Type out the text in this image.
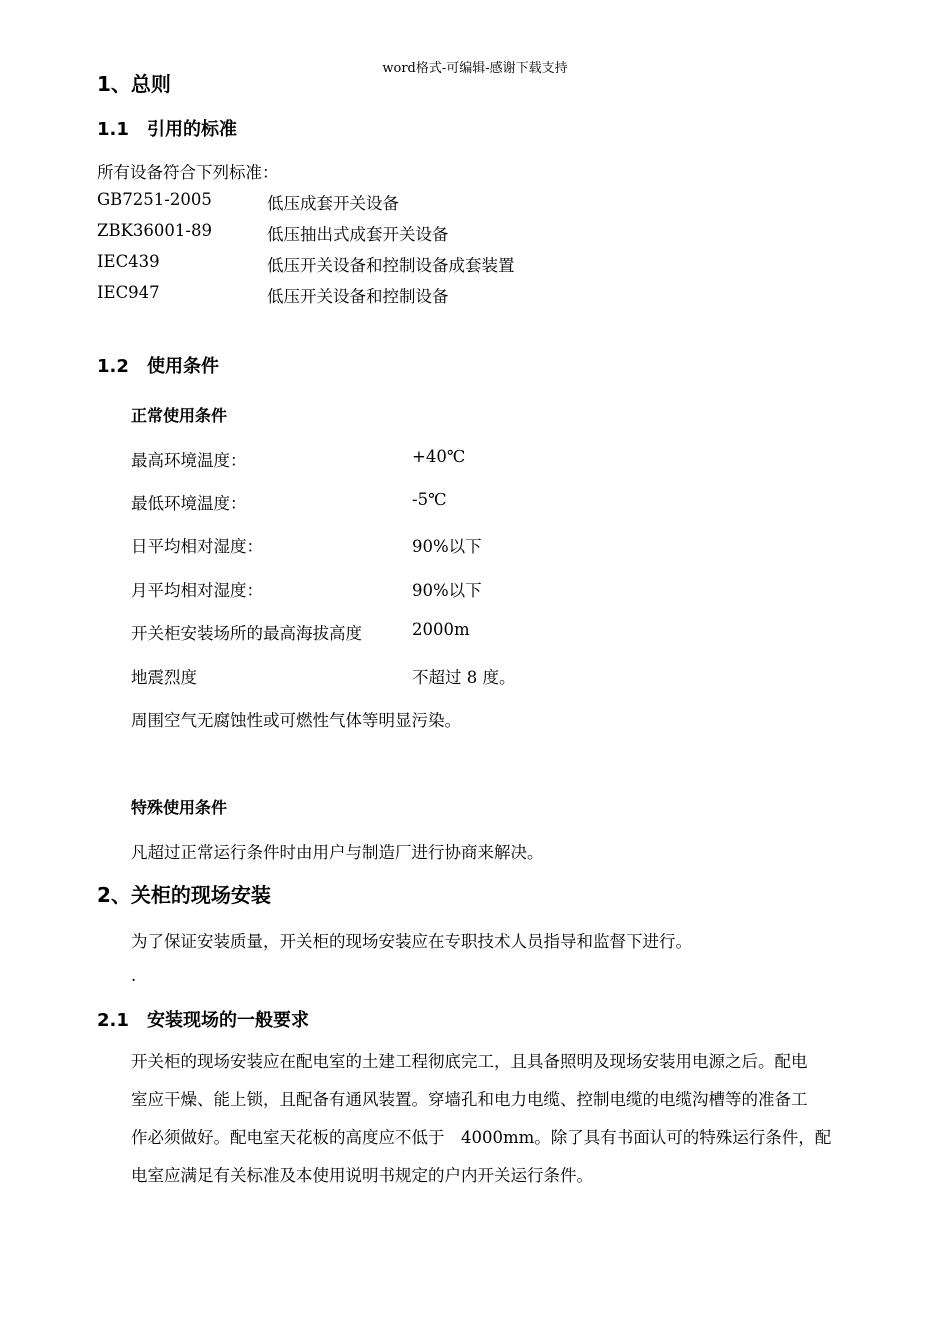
word格式-可编辑-感谢下载支持
1、总则
1.1 引用的标准
所有设备符合下列标准：
GB7251-2005	低压成套开关设备
ZBK36001-89	低压抽出式成套开关设备
IEC439	低压开关设备和控制设备成套装置
IEC947	低压开关设备和控制设备
1.2 使用条件
正常使用条件
最高环境温度：	+40℃
最低环境温度：	-5℃
日平均相对湿度：	90%以下
月平均相对湿度：	90%以下
开关柜安装场所的最高海拔高度	2000m
地震烈度	不超过 8 度。
周围空气无腐蚀性或可燃性气体等明显污染。
特殊使用条件
凡超过正常运行条件时由用户与制造厂进行协商来解决。
2、关柜的现场安装
为了保证安装质量，开关柜的现场安装应在专职技术人员指导和监督下进行。
.
2.1 安装现场的一般要求
开关柜的现场安装应在配电室的土建工程彻底完工，且具备照明及现场安装用电源之后。配电
室应干燥、能上锁，且配备有通风装置。穿墙孔和电力电缆、控制电缆的电缆沟槽等的准备工
作必须做好。配电室天花板的高度应不低于　4000mm。除了具有书面认可的特殊运行条件，配
电室应满足有关标准及本使用说明书规定的户内开关运行条件。
